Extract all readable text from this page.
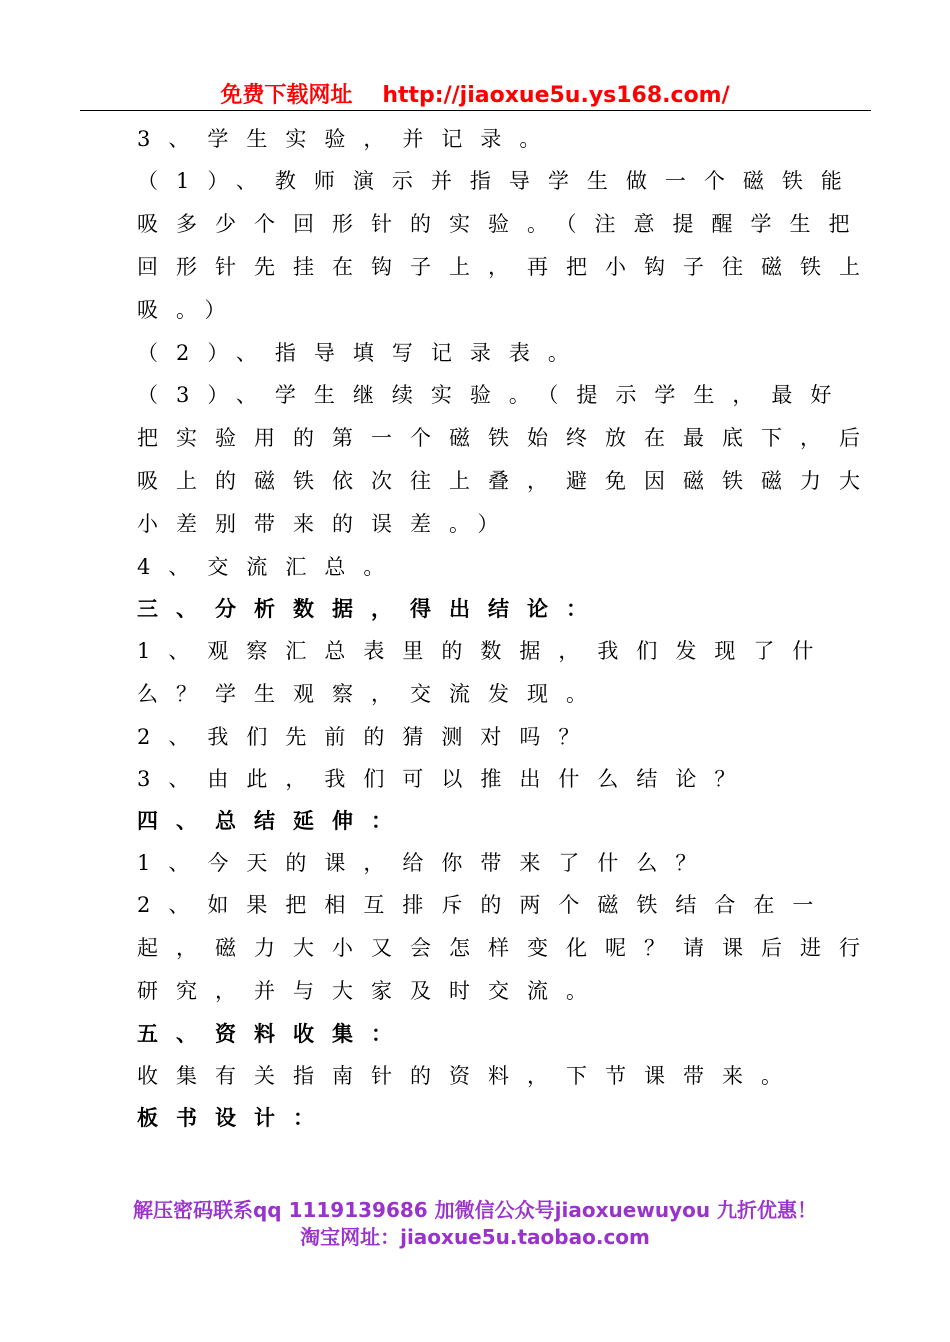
免费下载网址 http://jiaoxue5u.ys168.com/
3、学生实验，并记录。
（1）、教师演示并指导学生做一个磁铁能吸多少个回形针的实验。（注意提醒学生把回形针先挂在钩子上，再把小钩子往磁铁上吸。）
（2）、指导填写记录表。
（3）、学生继续实验。（提示学生，最好把实验用的第一个磁铁始终放在最底下，后吸上的磁铁依次往上叠，避免因磁铁磁力大小差别带来的误差。）
4、交流汇总。
三、分析数据，得出结论：
1、观察汇总表里的数据，我们发现了什么？学生观察，交流发现。
2、我们先前的猜测对吗？
3、由此，我们可以推出什么结论？
四、总结延伸：
1、今天的课，给你带来了什么？
2、如果把相互排斥的两个磁铁结合在一起，磁力大小又会怎样变化呢？请课后进行研究，并与大家及时交流。
五、资料收集：
收集有关指南针的资料，下节课带来。
板书设计：
解压密码联系qq 1119139686 加微信公众号jiaoxuewuyou 九折优惠！
淘宝网址：jiaoxue5u.taobao.com
